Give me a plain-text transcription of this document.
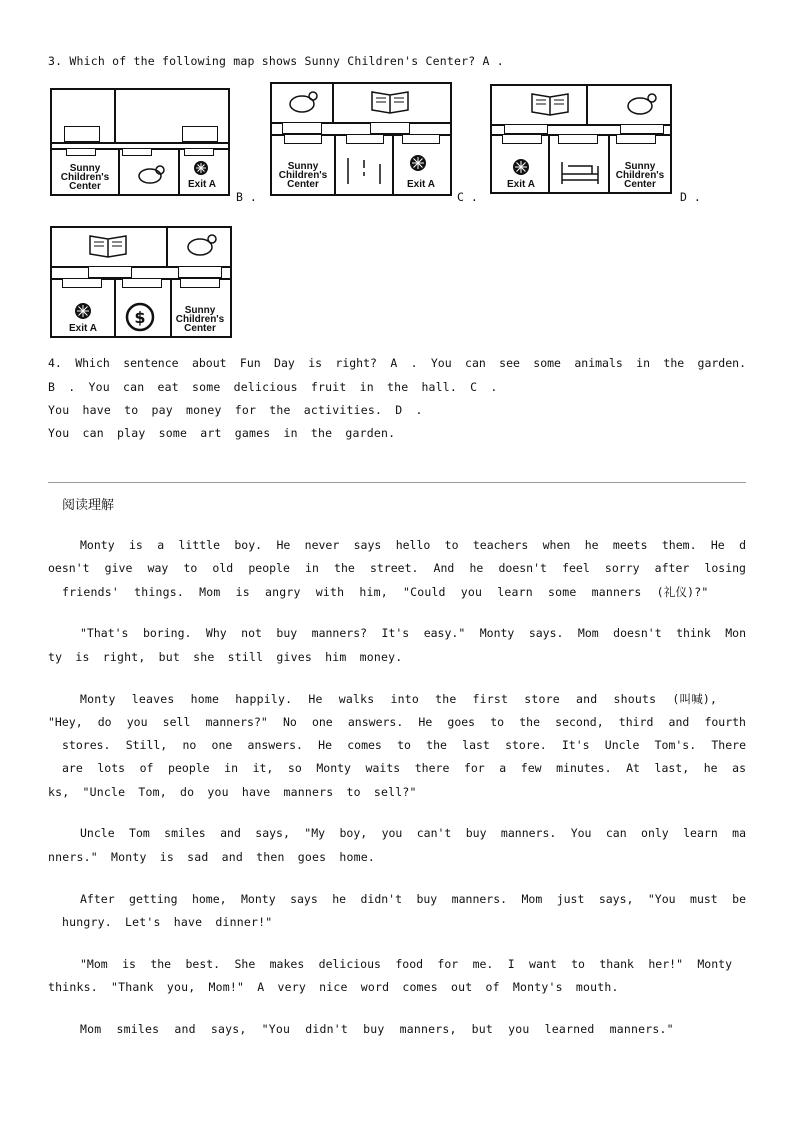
3. Which of the following map shows Sunny Children's Center? A .
Sunny
Children's
Center	Exit A
B .
Sunny
Children's
Center	Exit A
C .
Exit A
Sunny
Children's
Center
D .
Exit A
$	Sunny
Children's
Center
4. Which sentence about Fun Day is right? A . You can see some animals in the garden.
B . You can eat some delicious fruit in the hall. C .
You have to pay money for the activities. D .
You can play some art games in the garden.
阅读理解
Monty is a little boy. He never says hello to teachers when he meets them. He d
oesn't give way to old people in the street. And he doesn't feel sorry after losing
friends' things. Mom is angry with him, "Could you learn some manners (礼仪)?"
"That's boring. Why not buy manners? It's easy." Monty says. Mom doesn't think Mon
ty is right, but she still gives him money.
Monty leaves home happily. He walks into the first store and shouts (叫喊),
"Hey, do you sell manners?" No one answers. He goes to the second, third and fourth
stores. Still, no one answers. He comes to the last store. It's Uncle Tom's. There
are lots of people in it, so Monty waits there for a few minutes. At last, he as
ks, "Uncle Tom, do you have manners to sell?"
Uncle Tom smiles and says, "My boy, you can't buy manners. You can only learn ma
nners." Monty is sad and then goes home.
After getting home, Monty says he didn't buy manners. Mom just says, "You must be
hungry. Let's have dinner!"
"Mom is the best. She makes delicious food for me. I want to thank her!" Monty
thinks. "Thank you, Mom!" A very nice word comes out of Monty's mouth.
Mom smiles and says, "You didn't buy manners, but you learned manners."
